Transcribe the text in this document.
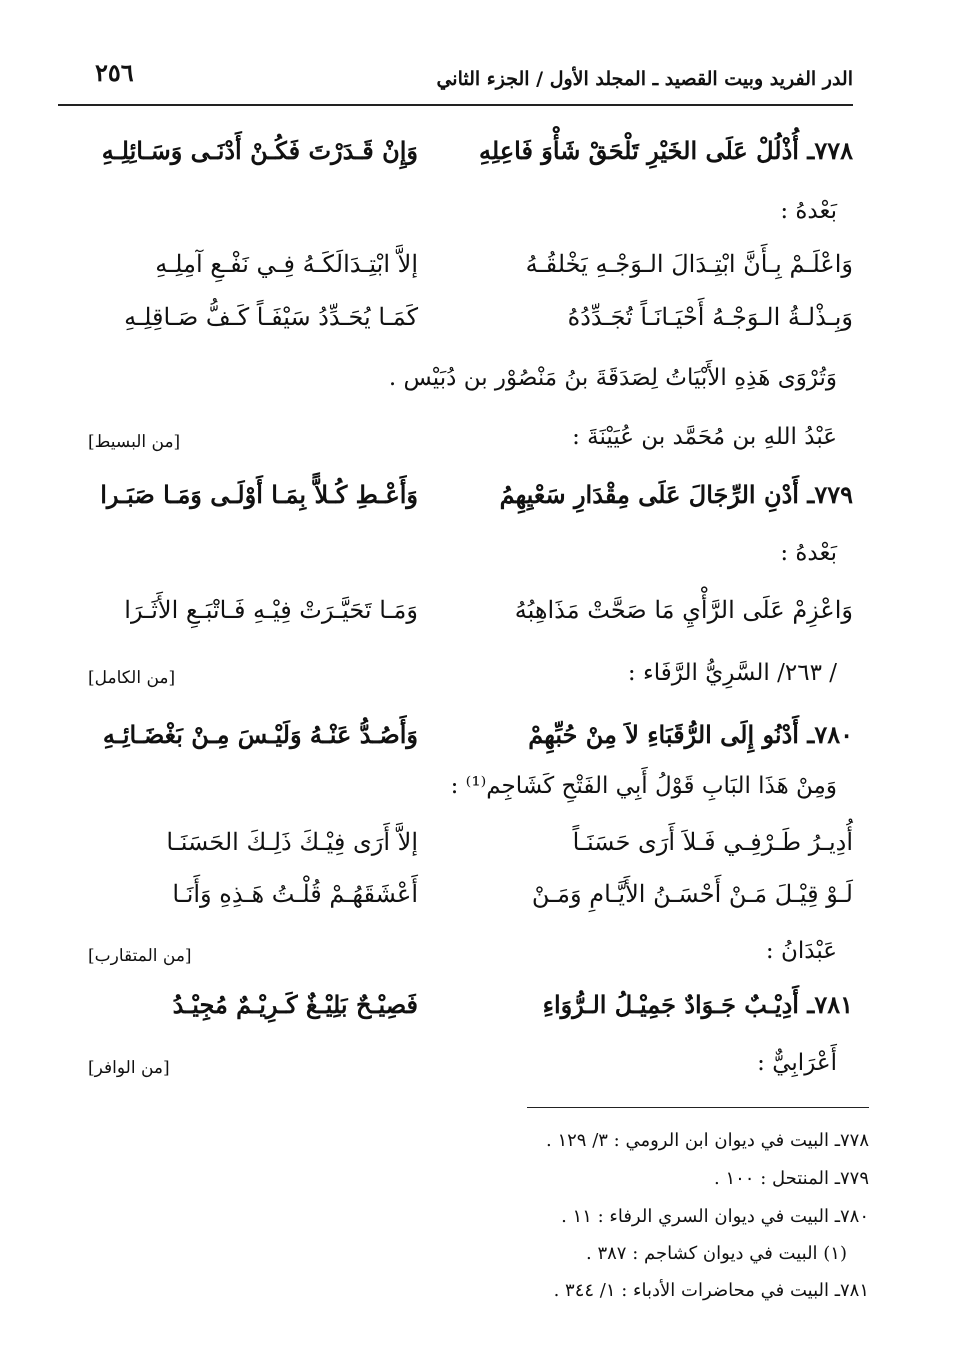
الدر الفريد وبيت القصيد ـ المجلد الأول / الجزء الثاني
٢٥٦
٧٧٨ـ أُذْلُلْ عَلَى الخَيْرِ تَلْحَقْ شَأْوَ فَاعِلِهِ
وَإِنْ قَـدَرْتَ فَكُـنْ أَدْنَـى وَسَـائِلِـهِ
بَعْدهُ :
وَاعْلَـمْ بِـأَنَّ ابْتِـدَالَ الـوَجْـهِ يَخْلقُـهُ
إلاَّ ابْتِـدَالَكَـهُ فِـي نَفْـعِ آمِلِـهِ
وَبِـذْلـةُ الـوَجْـهُ أَحْيَـانَـاً تُجَـدِّدُهُ
كَمَـا يُحَـدِّدُ سَيْفَـاً كَـفُّ صَـاقِلِـهِ
وَتُرْوَى هَذِهِ الأَبْيَاتُ لِصَدَقَةَ بنُ مَنْصُوْر بن دُبَيْس .
عَبْدُ اللهِ بن مُحَمَّد بن عُيَيْنَةَ :
[من البسيط]
٧٧٩ـ أَدْنِ الرِّجَالَ عَلَى مِقْدَارِ سَعْيِهِمُ
وَأَعْـطِ كُـلاًّ بِمَـا أَوْلَـى وَمَـا صَبَـرا
بَعْدهُ :
وَاعْزِمْ عَلَى الرَّأْيِ مَا صَحَّتْ مَذَاهِبُهُ
وَمَـا تَحَيَّـرَتْ فِيْـهِ فَـاتْبَـعِ الأَثَـرَا
/ ٢٦٣/ السَّرِيُّ الرَّفَاء :
[من الكامل]
٧٨٠ـ أَدْنُو إِلَى الرُّقَبَاءِ لاَ مِنْ حُبِّهِمْ
وَأَصُـدُّ عَنْـهُ وَلَيْـسَ مِـنْ بَغْضَـائِـهِ
وَمِنْ هَذَا البَابِ قَوْلُ أَبِي الفَتْحِ كَشَاجِم⁽¹⁾ :
أُدِيـرُ طَـرْفِـي فَـلاَ أَرَى حَسَنَـاً
إلاَّ أَرَى فِيْـكَ ذَلِـكَ الحَسَنَـا
لَـوْ قِيْـلَ مَـنْ أَحْسَـنُ الأَيَّـامِ وَمَـنْ
أَعْشَقَهُـمْ قُلْـتُ هَـذِهِ وَأَنَـا
عَبْدَانُ :
[من المتقارب]
٧٨١ـ أَدِيْـبٌ جَـوَادٌ جَمِيْـلُ الـرُّوَاءِ
فَصِيْـحٌ بَلِيْـغٌ كَـرِيْـمٌ مُجِيْـدُ
أَعْرَابِيٌّ :
[من الوافر]
٧٧٨ـ البيت في ديوان ابن الرومي : ٣/ ١٢٩ .
٧٧٩ـ المنتحل : ١٠٠ .
٧٨٠ـ البيت في ديوان السري الرفاء : ١١ .
(١) البيت في ديوان كشاجم : ٣٨٧ .
٧٨١ـ البيت في محاضرات الأدباء : ١/ ٣٤٤ .
